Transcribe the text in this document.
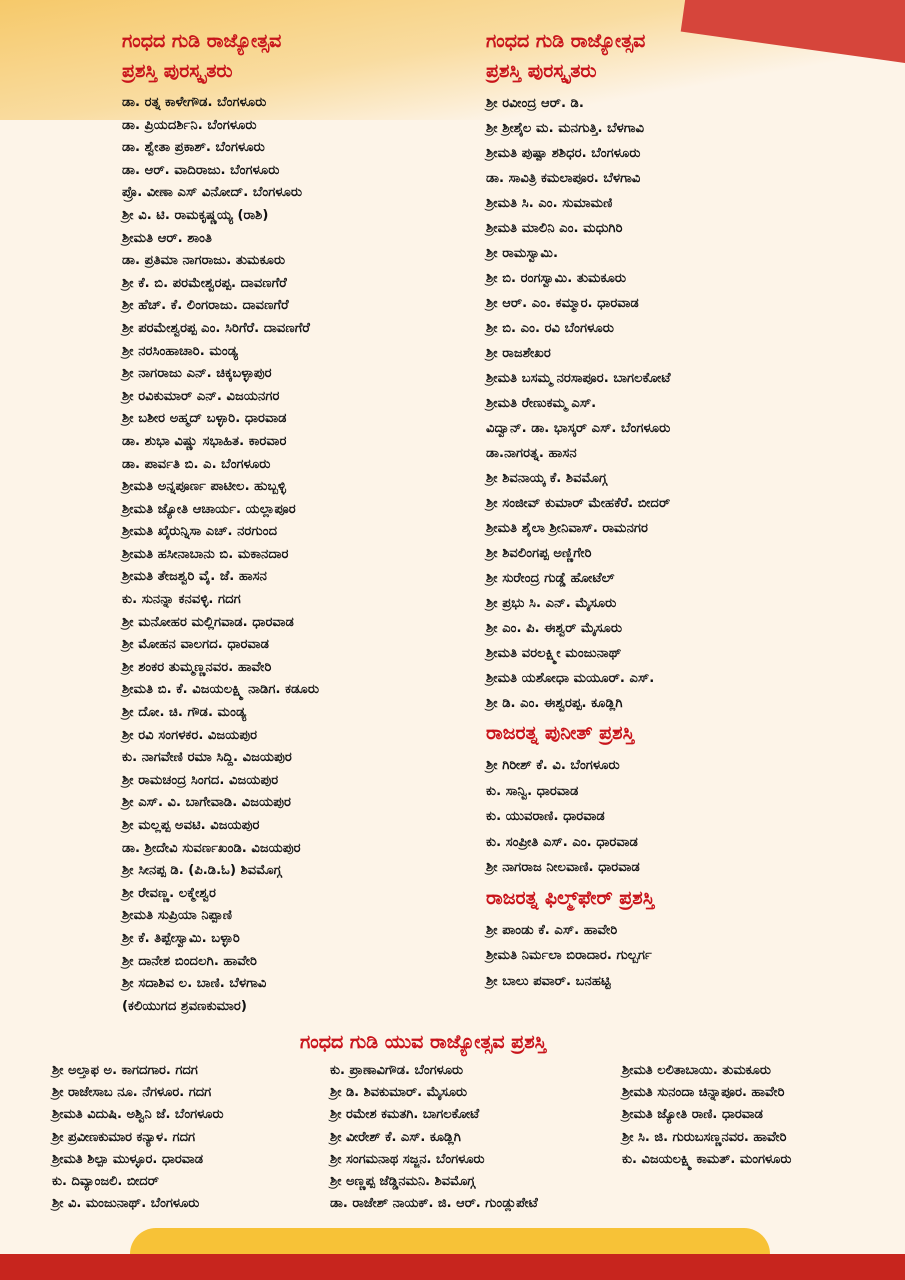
ಗಂಧದ ಗುಡಿ ರಾಜ್ಯೋತ್ಸವ
ಪ್ರಶಸ್ತಿ ಪುರಸ್ಕೃತರು
ಡಾ. ರತ್ನ ಕಾಳೇಗೌಡ. ಬೆಂಗಳೂರು
ಡಾ. ಪ್ರಿಯದರ್ಶಿನಿ. ಬೆಂಗಳೂರು
ಡಾ. ಶ್ವೇತಾ ಪ್ರಕಾಶ್. ಬೆಂಗಳೂರು
ಡಾ. ಆರ್. ವಾದಿರಾಜು. ಬೆಂಗಳೂರು
ಪ್ರೊ. ವೀಣಾ ಎಸ್ ವಿನೋದ್. ಬೆಂಗಳೂರು
ಶ್ರೀ ವಿ. ಟಿ. ರಾಮಕೃಷ್ಣಯ್ಯ (ರಾಶಿ)
ಶ್ರೀಮತಿ ಆರ್. ಶಾಂತಿ
ಡಾ. ಪ್ರತಿಮಾ ನಾಗರಾಜು. ತುಮಕೂರು
ಶ್ರೀ ಕೆ. ಬಿ. ಪರಮೇಶ್ವರಪ್ಪ. ದಾವಣಗೆರೆ
ಶ್ರೀ ಹೆಚ್. ಕೆ. ಲಿಂಗರಾಜು. ದಾವಣಗೆರೆ
ಶ್ರೀ ಪರಮೇಶ್ವರಪ್ಪ ಎಂ. ಸಿರಿಗೆರೆ. ದಾವಣಗೆರೆ
ಶ್ರೀ ನರಸಿಂಹಾಚಾರಿ. ಮಂಡ್ಯ
ಶ್ರೀ ನಾಗರಾಜು ಎನ್. ಚಿಕ್ಕಬಳ್ಳಾಪುರ
ಶ್ರೀ ರವಿಕುಮಾರ್ ಎನ್. ವಿಜಯನಗರ
ಶ್ರೀ ಬಶೀರ ಅಹ್ಮದ್ ಬಳ್ಳಾರಿ. ಧಾರವಾಡ
ಡಾ. ಶುಭಾ ವಿಷ್ಣು ಸಭಾಹಿತ. ಕಾರವಾರ
ಡಾ. ಪಾರ್ವತಿ ಬಿ. ಎ. ಬೆಂಗಳೂರು
ಶ್ರೀಮತಿ ಅನ್ನಪೂರ್ಣ ಪಾಟೀಲ. ಹುಬ್ಬಳ್ಳಿ
ಶ್ರೀಮತಿ ಜ್ಯೋತಿ ಆಚಾರ್ಯ. ಯಲ್ಲಾಪೂರ
ಶ್ರೀಮತಿ ಖೈರುನ್ನಿಸಾ ಎಚ್. ನರಗುಂದ
ಶ್ರೀಮತಿ ಹಸೀನಾಬಾನು ಬಿ. ಮಕಾನದಾರ
ಶ್ರೀಮತಿ ತೇಜಶ್ವರಿ ವೈ. ಜೆ. ಹಾಸನ
ಕು. ಸುನನ್ನಾ ಕನವಳ್ಳಿ. ಗದಗ
ಶ್ರೀ ಮನೋಹರ ಮಲ್ಲಿಗವಾಡ. ಧಾರವಾಡ
ಶ್ರೀ ಮೋಹನ ವಾಲಗದ. ಧಾರವಾಡ
ಶ್ರೀ ಶಂಕರ ತುಮ್ಮಣ್ಣನವರ. ಹಾವೇರಿ
ಶ್ರೀಮತಿ ಬಿ. ಕೆ. ವಿಜಯಲಕ್ಷ್ಮಿ ನಾಡಿಗ. ಕಡೂರು
ಶ್ರೀ ದೋ. ಚಿ. ಗೌಡ. ಮಂಡ್ಯ
ಶ್ರೀ ರವಿ ಸಂಗಳಕರ. ವಿಜಯಪುರ
ಕು. ನಾಗವೇಣಿ ರಮಾ ಸಿದ್ದಿ. ವಿಜಯಪುರ
ಶ್ರೀ ರಾಮಚಂದ್ರ ಸಿಂಗದ. ವಿಜಯಪುರ
ಶ್ರೀ ಎಸ್. ವಿ. ಬಾಗೇವಾಡಿ. ವಿಜಯಪುರ
ಶ್ರೀ ಮಲ್ಲಪ್ಪ ಅವಟಿ. ವಿಜಯಪುರ
ಡಾ. ಶ್ರೀದೇವಿ ಸುವರ್ಣಖಂಡಿ. ವಿಜಯಪುರ
ಶ್ರೀ ಸೀನಪ್ಪ ಡಿ. (ಪಿ.ಡಿ.ಓ) ಶಿವಮೊಗ್ಗ
ಶ್ರೀ ರೇವಣ್ಣ. ಲಕ್ಮೇಶ್ವರ
ಶ್ರೀಮತಿ ಸುಪ್ರಿಯಾ ನಿಪ್ಪಾಣಿ
ಶ್ರೀ ಕೆ. ತಿಪ್ಪೇಸ್ವಾಮಿ. ಬಳ್ಳಾರಿ
ಶ್ರೀ ದಾನೇಶ ಬಿಂದಲಗಿ. ಹಾವೇರಿ
ಶ್ರೀ ಸದಾಶಿವ ಲ. ಬಾಣಿ. ಬೆಳಗಾವಿ
(ಕಲಿಯುಗದ ಶ್ರವಣಕುಮಾರ)
ಗಂಧದ ಗುಡಿ ರಾಜ್ಯೋತ್ಸವ
ಪ್ರಶಸ್ತಿ ಪುರಸ್ಕೃತರು
ಶ್ರೀ ರವೀಂದ್ರ ಆರ್. ಡಿ.
ಶ್ರೀ ಶ್ರೀಶೈಲ ಮ. ಮನಗುತ್ತಿ. ಬೆಳಗಾವಿ
ಶ್ರೀಮತಿ ಪುಷ್ಪಾ ಶಶಿಧರ. ಬೆಂಗಳೂರು
ಡಾ. ಸಾವಿತ್ರಿ ಕಮಲಾಪೂರ. ಬೆಳಗಾವಿ
ಶ್ರೀಮತಿ ಸಿ. ಎಂ. ಸುಮಾಮಣಿ
ಶ್ರೀಮತಿ ಮಾಲಿನಿ ಎಂ. ಮಧುಗಿರಿ
ಶ್ರೀ ರಾಮಸ್ವಾಮಿ.
ಶ್ರೀ ಬಿ. ರಂಗಸ್ವಾಮಿ. ತುಮಕೂರು
ಶ್ರೀ ಆರ್. ಎಂ. ಕಮ್ಮಾರ. ಧಾರವಾಡ
ಶ್ರೀ ಬಿ. ಎಂ. ರವಿ ಬೆಂಗಳೂರು
ಶ್ರೀ ರಾಜಶೇಖರ
ಶ್ರೀಮತಿ ಬಸಮ್ಮ ನರಸಾಪೂರ. ಬಾಗಲಕೋಟೆ
ಶ್ರೀಮತಿ ರೇಣುಕಮ್ಮ ಎಸ್.
ವಿದ್ವಾನ್. ಡಾ. ಭಾಸ್ಕರ್ ಎಸ್. ಬೆಂಗಳೂರು
ಡಾ.ನಾಗರತ್ನ. ಹಾಸನ
ಶ್ರೀ ಶಿವನಾಯ್ಕ ಕೆ. ಶಿವಮೊಗ್ಗ
ಶ್ರೀ ಸಂಜೀವ್ ಕುಮಾರ್ ಮೇಹಕೆರೆ. ಬೀದರ್
ಶ್ರೀಮತಿ ಶೈಲಾ ಶ್ರೀನಿವಾಸ್. ರಾಮನಗರ
ಶ್ರೀ ಶಿವಲಿಂಗಪ್ಪ ಅಣ್ಣಿಗೇರಿ
ಶ್ರೀ ಸುರೇಂದ್ರ ಗುಡ್ಡೆ ಹೋಟೆಲ್
ಶ್ರೀ ಪ್ರಭು ಸಿ. ಎನ್. ಮೈಸೂರು
ಶ್ರೀ ಎಂ. ಪಿ. ಈಶ್ವರ್ ಮೈಸೂರು
ಶ್ರೀಮತಿ ವರಲಕ್ಷ್ಮೀ ಮಂಜುನಾಥ್
ಶ್ರೀಮತಿ ಯಶೋಧಾ ಮಯೂರ್. ಎಸ್.
ಶ್ರೀ ಡಿ. ಎಂ. ಈಶ್ವರಪ್ಪ. ಕೂಡ್ಲಿಗಿ
ರಾಜರತ್ನ ಪುನೀತ್ ಪ್ರಶಸ್ತಿ
ಶ್ರೀ ಗಿರೀಶ್ ಕೆ. ವಿ. ಬೆಂಗಳೂರು
ಕು. ಸಾನ್ವಿ. ಧಾರವಾಡ
ಕು. ಯುವರಾಣಿ. ಧಾರವಾಡ
ಕು. ಸಂಪ್ರೀತಿ ಎಸ್. ಎಂ. ಧಾರವಾಡ
ಶ್ರೀ ನಾಗರಾಜ ನೀಲವಾಣಿ. ಧಾರವಾಡ
ರಾಜರತ್ನ ಫಿಲ್ಮ್‌ಫೇರ್ ಪ್ರಶಸ್ತಿ
ಶ್ರೀ ಪಾಂಡು ಕೆ. ಎಸ್. ಹಾವೇರಿ
ಶ್ರೀಮತಿ ನಿರ್ಮಲಾ ಬಿರಾದಾರ. ಗುಲ್ಬರ್ಗ
ಶ್ರೀ ಬಾಲು ಪವಾರ್. ಬನಹಟ್ಟಿ
ಗಂಧದ ಗುಡಿ ಯುವ ರಾಜ್ಯೋತ್ಸವ ಪ್ರಶಸ್ತಿ
ಶ್ರೀ ಅಲ್ತಾಫ ಅ. ಕಾಗದಗಾರ. ಗದಗ
ಶ್ರೀ ರಾಜೇಸಾಬ ನೂ. ನೆಗಳೂರ. ಗದಗ
ಶ್ರೀಮತಿ ವಿದುಷಿ. ಅಶ್ವಿನಿ ಜೆ. ಬೆಂಗಳೂರು
ಶ್ರೀ ಪ್ರವೀಣಕುಮಾರ ಕನ್ಯಾಳ. ಗದಗ
ಶ್ರೀಮತಿ ಶಿಲ್ಪಾ ಮುಳ್ಳೂರ. ಧಾರವಾಡ
ಕು. ದಿವ್ಯಾಂಜಲಿ. ಬೀದರ್
ಶ್ರೀ ವಿ. ಮಂಜುನಾಥ್. ಬೆಂಗಳೂರು
ಕು. ಪ್ರಾಣಾವಿಗೌಡ. ಬೆಂಗಳೂರು
ಶ್ರೀ ಡಿ. ಶಿವಕುಮಾರ್. ಮೈಸೂರು
ಶ್ರೀ ರಮೇಶ ಕಮತಗಿ. ಬಾಗಲಕೋಟೆ
ಶ್ರೀ ವೀರೇಶ್ ಕೆ. ಎಸ್. ಕೂಡ್ಲಿಗಿ
ಶ್ರೀ ಸಂಗಮನಾಥ ಸಜ್ಜನ. ಬೆಂಗಳೂರು
ಶ್ರೀ ಅಣ್ಣಪ್ಪ ಜೆಡ್ಡಿನಮನಿ. ಶಿವಮೊಗ್ಗ
ಡಾ. ರಾಜೇಶ್ ನಾಯಕ್. ಜಿ. ಆರ್. ಗುಂಡ್ಲುಪೇಟೆ
ಶ್ರೀಮತಿ ಲಲಿತಾಬಾಯಿ. ತುಮಕೂರು
ಶ್ರೀಮತಿ ಸುನಂದಾ ಚಿನ್ನಾಪೂರ. ಹಾವೇರಿ
ಶ್ರೀಮತಿ ಜ್ಯೋತಿ ರಾಣಿ. ಧಾರವಾಡ
ಶ್ರೀ ಸಿ. ಜಿ. ಗುರುಬಸಣ್ಣನವರ. ಹಾವೇರಿ
ಕು. ವಿಜಯಲಕ್ಷ್ಮಿ ಕಾಮತ್. ಮಂಗಳೂರು
